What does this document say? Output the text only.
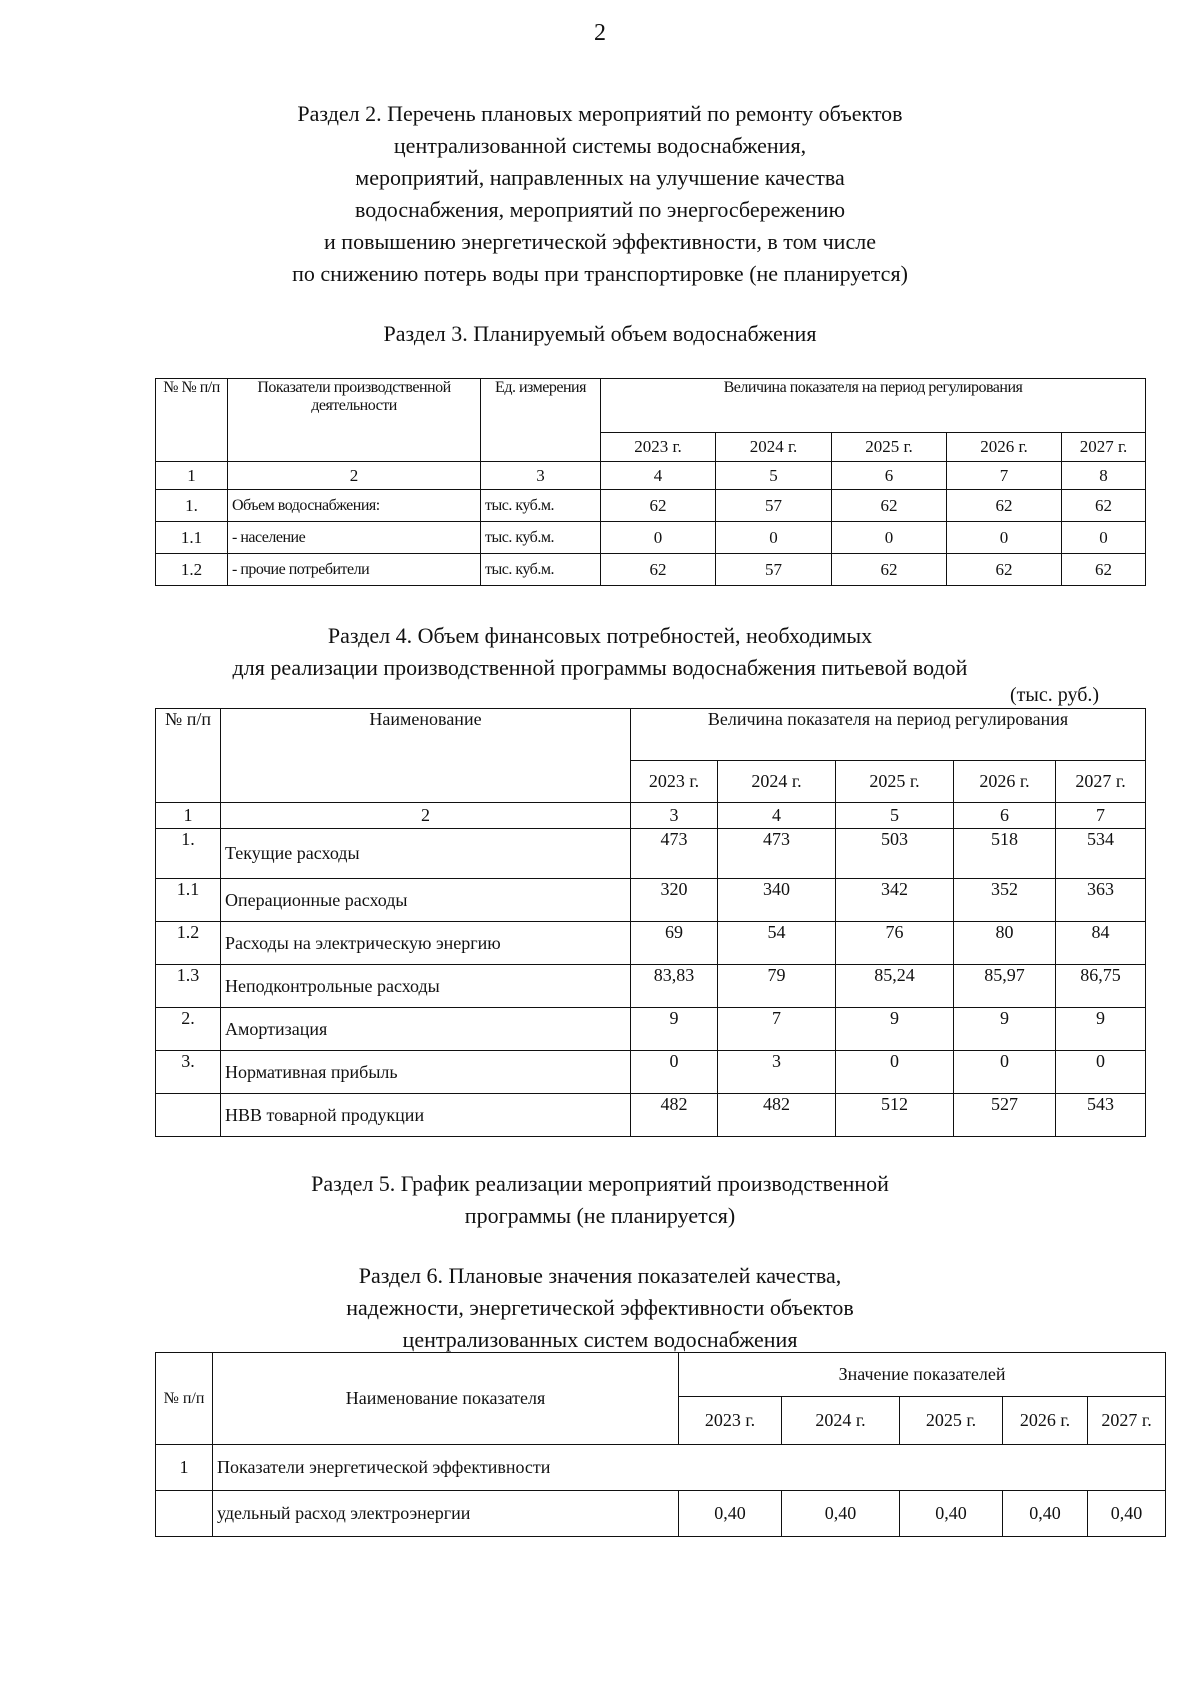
2
Раздел 2. Перечень плановых мероприятий по ремонту объектов
централизованной системы водоснабжения,
мероприятий, направленных на улучшение качества
водоснабжения, мероприятий по энергосбережению
и повышению энергетической эффективности, в том числе
по снижению потерь воды при транспортировке (не планируется)
Раздел 3. Планируемый объем водоснабжения
№ № п/п	Показатели производственной деятельности	Ед. измерения	Величина показателя на период регулирования				
			2023 г.	2024 г.	2025 г.	2026 г.	2027 г.
1	2	3	4	5	6	7	8
1.	Объем водоснабжения:	тыс. куб.м.	62	57	62	62	62
1.1	- население	тыс. куб.м.	0	0	0	0	0
1.2	- прочие потребители	тыс. куб.м.	62	57	62	62	62
Раздел 4. Объем финансовых потребностей, необходимых
для реализации производственной программы водоснабжения питьевой водой
(тыс. руб.)
№ п/п	Наименование	Величина показателя на период регулирования				
		2023 г.	2024 г.	2025 г.	2026 г.	2027 г.
1	2	3	4	5	6	7
1.	Текущие расходы	473	473	503	518	534
1.1	Операционные расходы	320	340	342	352	363
1.2	Расходы на электрическую энергию	69	54	76	80	84
1.3	Неподконтрольные расходы	83,83	79	85,24	85,97	86,75
2.	Амортизация	9	7	9	9	9
3.	Нормативная прибыль	0	3	0	0	0
	НВВ товарной продукции	482	482	512	527	543
Раздел 5. График реализации мероприятий производственной
программы (не планируется)
Раздел 6. Плановые значения показателей качества,
надежности, энергетической эффективности объектов
централизованных систем водоснабжения
№ п/п	Наименование показателя	Значение показателей				
		2023 г.	2024 г.	2025 г.	2026 г.	2027 г.
1	Показатели энергетической эффективности					
	удельный расход электроэнергии	0,40	0,40	0,40	0,40	0,40
